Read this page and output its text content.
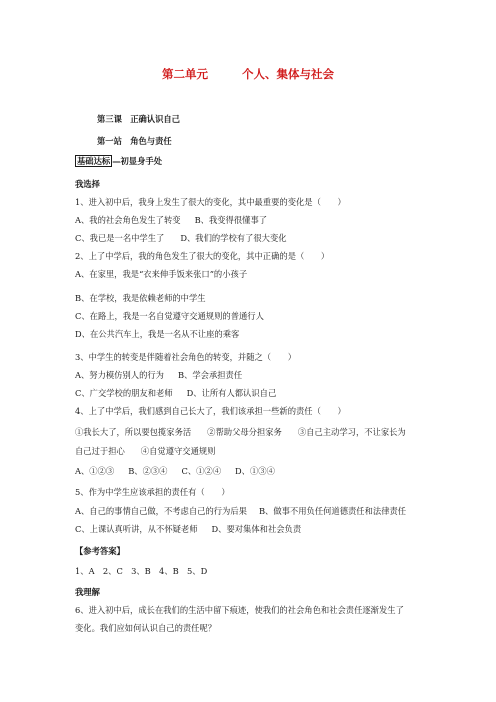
第二单元	个人、集体与社会
第三课　正确认识自己
第一站　角色与责任
基础达标 —初显身手处
我选择
1、进入初中后，我身上发生了很大的变化，其中最重要的变化是（　　）
A、我的社会角色发生了转变 B、我变得很懂事了
C、我已是一名中学生了 D、我们的学校有了很大变化
2、上了中学后，我的角色发生了很大的变化，其中正确的是（　　）
A、在家里，我是“衣来伸手饭来张口”的小孩子
B、在学校，我是依赖老师的中学生
C、在路上，我是一名自觉遵守交通规则的普通行人
D、在公共汽车上，我是一名从不让座的乘客
3、中学生的转变是伴随着社会角色的转变，并随之（　　）
A、努力模仿别人的行为 B、学会承担责任
C、广交学校的朋友和老师 D、让所有人都认识自己
4、上了中学后，我们感到自己长大了，我们该承担一些新的责任（　　）
①我长大了，所以要包揽家务活 ②帮助父母分担家务 ③自己主动学习，不让家长为
自己过于担心 ④自觉遵守交通规则
A、①②③ B、②③④ C、①②④ D、①③④
5、作为中学生应该承担的责任有（　　）
A、自己的事情自己做，不考虑自己的行为后果 B、做事不用负任何道德责任和法律责任
C、上课认真听讲，从不怀疑老师 D、要对集体和社会负责
【参考答案】
1、A　2、C　3、B　4、B　5、D
我理解
6、进入初中后，成长在我们的生活中留下痕迹，使我们的社会角色和社会责任逐渐发生了
变化。我们应如何认识自己的责任呢？
